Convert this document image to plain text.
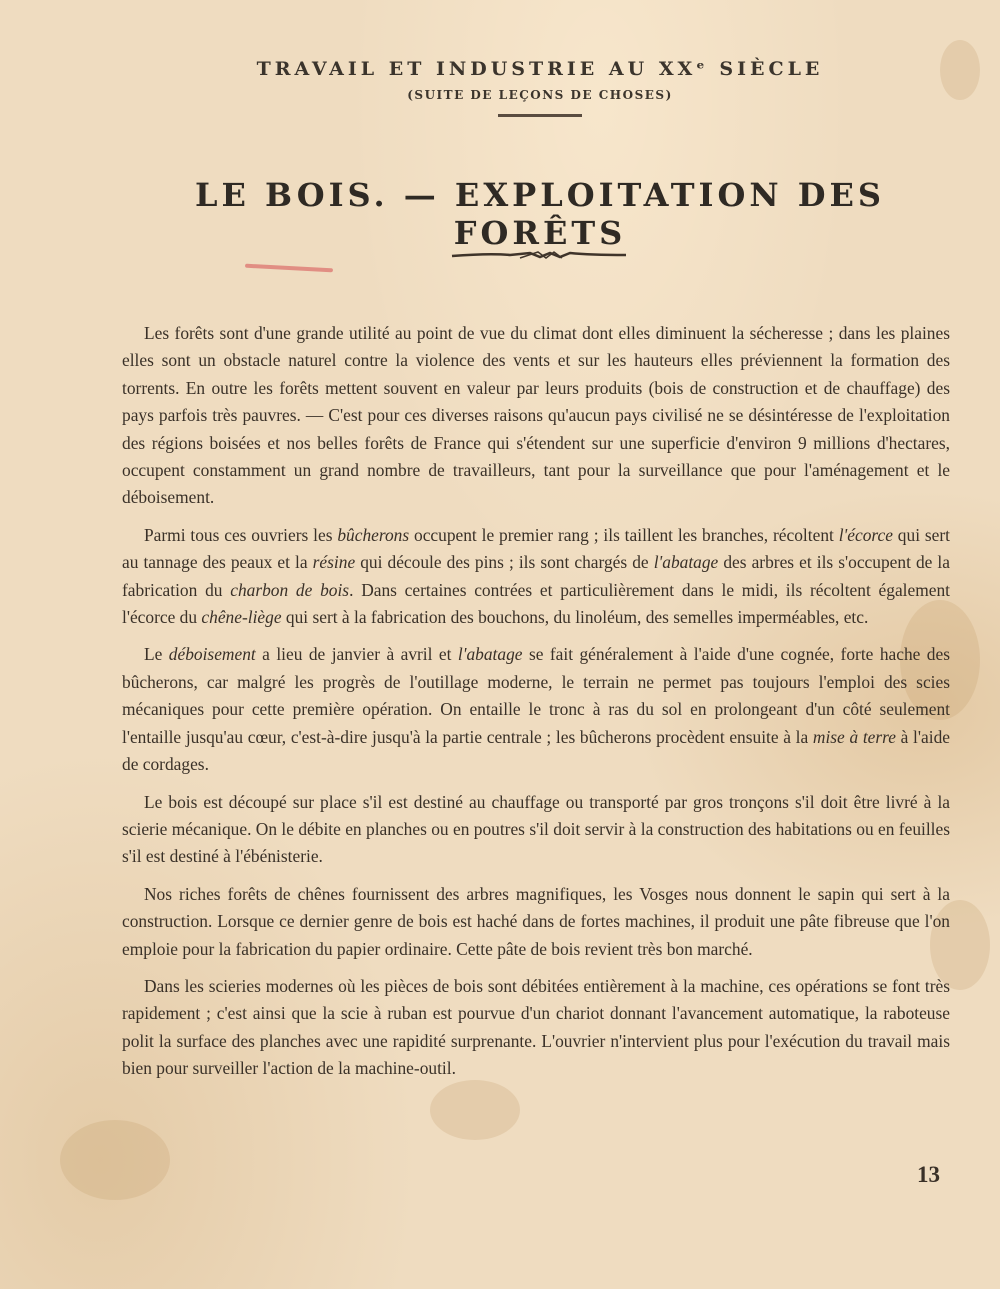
TRAVAIL ET INDUSTRIE AU XXᵉ SIÈCLE
(SUITE DE LEÇONS DE CHOSES)
LE BOIS. — EXPLOITATION DES FORÊTS

Les forêts sont d'une grande utilité au point de vue du climat dont elles diminuent la sécheresse ; dans les plaines elles sont un obstacle naturel contre la violence des vents et sur les hauteurs elles préviennent la formation des torrents. En outre les forêts mettent souvent en valeur par leurs produits (bois de construction et de chauffage) des pays parfois très pauvres. — C'est pour ces diverses raisons qu'aucun pays civilisé ne se désintéresse de l'exploitation des régions boisées et nos belles forêts de France qui s'étendent sur une superficie d'environ 9 millions d'hectares, occupent constamment un grand nombre de travailleurs, tant pour la surveillance que pour l'aménagement et le déboisement.

Parmi tous ces ouvriers les bûcherons occupent le premier rang ; ils taillent les branches, récoltent l'écorce qui sert au tannage des peaux et la résine qui découle des pins ; ils sont chargés de l'abatage des arbres et ils s'occupent de la fabrication du charbon de bois. Dans certaines contrées et particulièrement dans le midi, ils récoltent également l'écorce du chêne-liège qui sert à la fabrication des bouchons, du linoléum, des semelles imperméables, etc.

Le déboisement a lieu de janvier à avril et l'abatage se fait généralement à l'aide d'une cognée, forte hache des bûcherons, car malgré les progrès de l'outillage moderne, le terrain ne permet pas toujours l'emploi des scies mécaniques pour cette première opération. On entaille le tronc à ras du sol en prolongeant d'un côté seulement l'entaille jusqu'au cœur, c'est-à-dire jusqu'à la partie centrale ; les bûcherons procèdent ensuite à la mise à terre à l'aide de cordages.

Le bois est découpé sur place s'il est destiné au chauffage ou transporté par gros tronçons s'il doit être livré à la scierie mécanique. On le débite en planches ou en poutres s'il doit servir à la construction des habitations ou en feuilles s'il est destiné à l'ébénisterie.

Nos riches forêts de chênes fournissent des arbres magnifiques, les Vosges nous donnent le sapin qui sert à la construction. Lorsque ce dernier genre de bois est haché dans de fortes machines, il produit une pâte fibreuse que l'on emploie pour la fabrication du papier ordinaire. Cette pâte de bois revient très bon marché.

Dans les scieries modernes où les pièces de bois sont débitées entièrement à la machine, ces opérations se font très rapidement ; c'est ainsi que la scie à ruban est pourvue d'un chariot donnant l'avancement automatique, la raboteuse polit la surface des planches avec une rapidité surprenante. L'ouvrier n'intervient plus pour l'exécution du travail mais bien pour surveiller l'action de la machine-outil.

13
